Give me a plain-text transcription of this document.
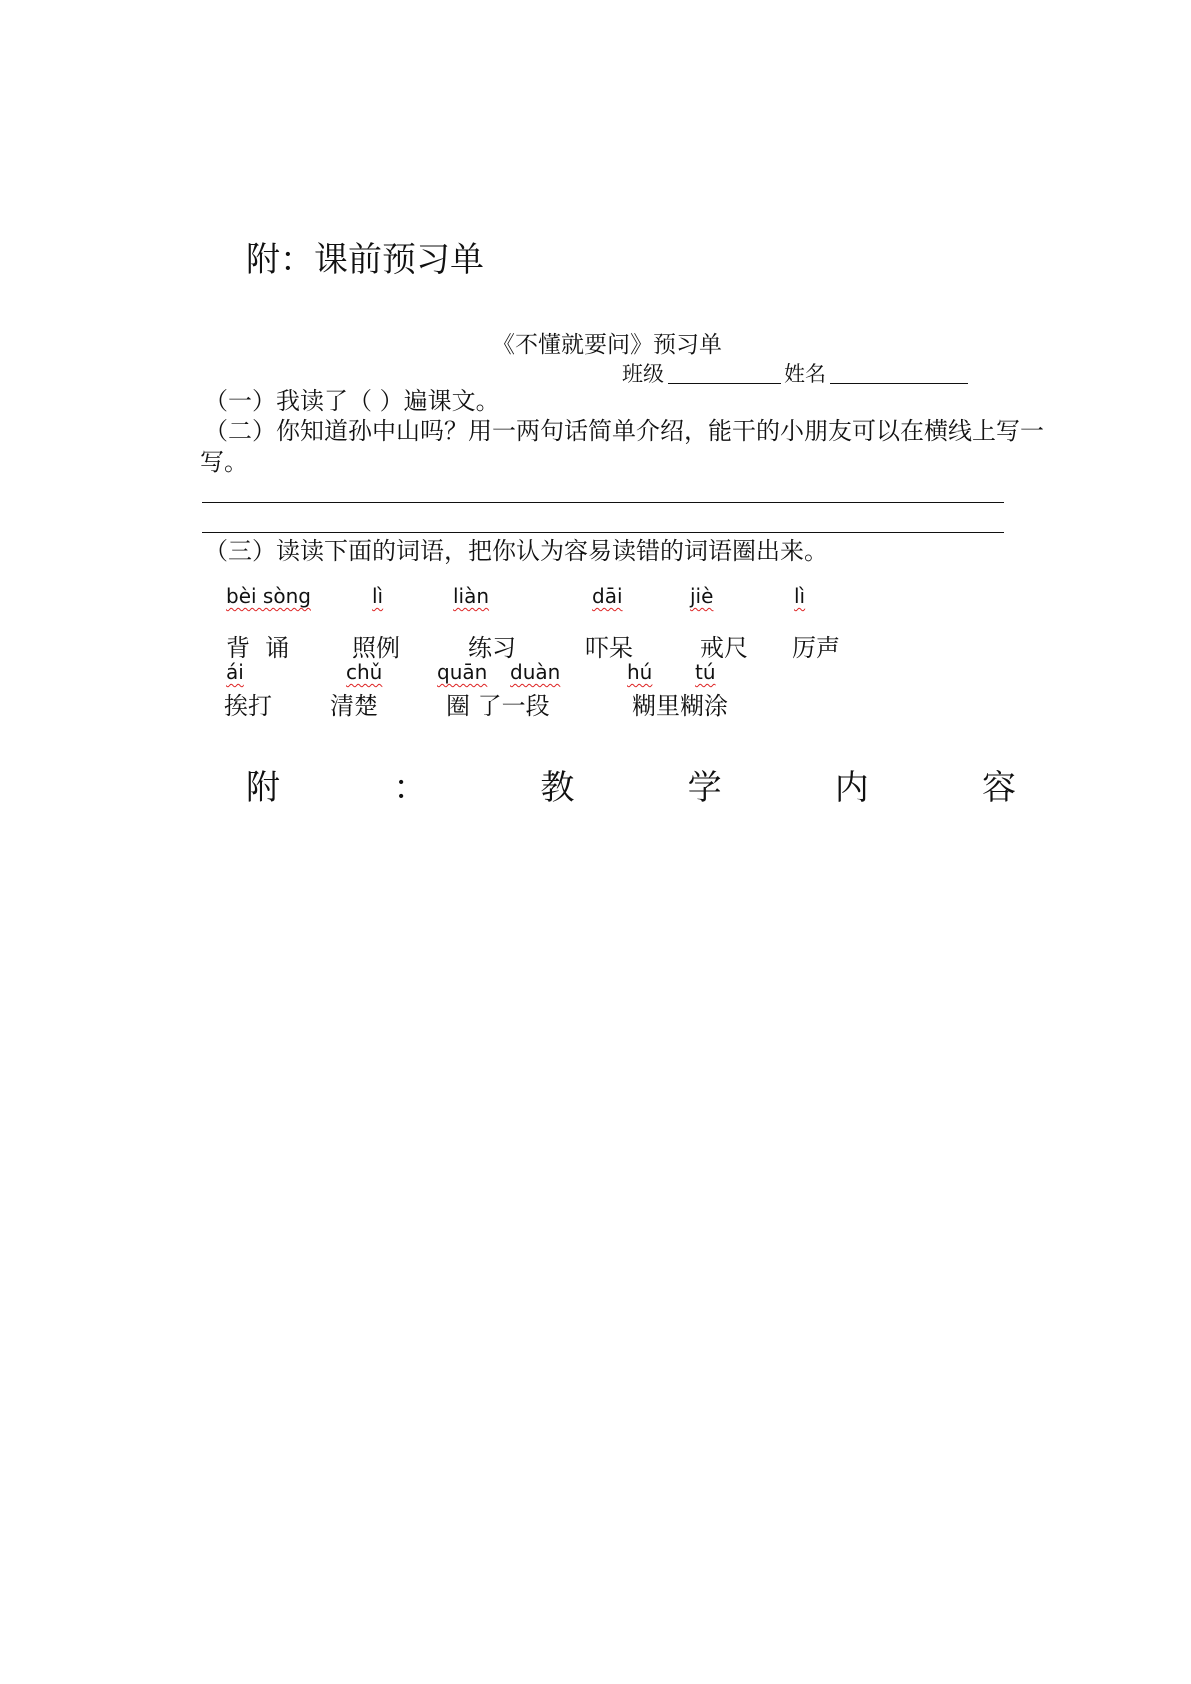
附：课前预习单
《不懂就要问》预习单
班级	姓名
（一）我读了（ ）遍课文。
（二）你知道孙中山吗？用一两句话简单介绍，能干的小朋友可以在横线上写一
写。
（三）读读下面的词语，把你认为容易读错的词语圈出来。
bèi sòng	lì	liàn	dāi	jiè	lì
背  诵	照例	练习	吓呆	戒尺 厉声
ái	chǔ	quān duàn	hú tú
挨打 清楚	圈 了一段	糊里糊涂
附	：	教	学	内	容
